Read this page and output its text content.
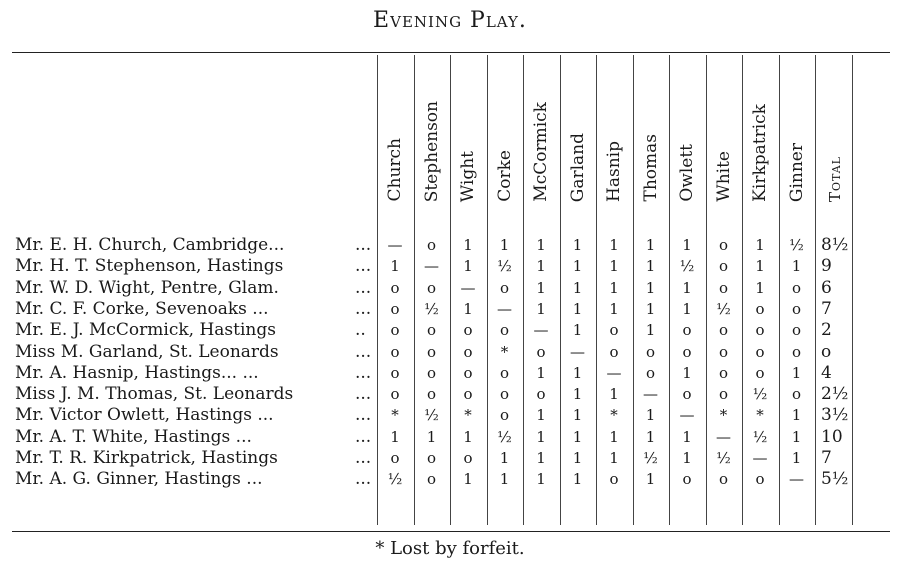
Evening Play.
Church Stephenson Wight Corke McCormick Garland Hasnip Thomas Owlett White Kirkpatrick Ginner Total
Mr. E. H. Church, Cambridge...	...	—	o	1	1	1	1	1	1	1	o	1	½	8½
Mr. H. T. Stephenson, Hastings	...	1	—	1	½	1	1	1	1	½	o	1	1	9
Mr. W. D. Wight, Pentre, Glam.	...	o	o	—	o	1	1	1	1	1	o	1	o	6
Mr. C. F. Corke, Sevenoaks ...	...	o	½	1	—	1	1	1	1	1	½	o	o	7
Mr. E. J. McCormick, Hastings	..	o	o	o	o	—	1	o	1	o	o	o	o	2
Miss M. Garland, St. Leonards	...	o	o	o	*	o	—	o	o	o	o	o	o	o
Mr. A. Hasnip, Hastings... ...	...	o	o	o	o	1	1	—	o	1	o	o	1	4
Miss J. M. Thomas, St. Leonards	...	o	o	o	o	o	1	1	—	o	o	½	o	2½
Mr. Victor Owlett, Hastings ...	...	*	½	*	o	1	1	*	1	—	*	*	1	3½
Mr. A. T. White, Hastings ...	...	1	1	1	½	1	1	1	1	1	—	½	1	10
Mr. T. R. Kirkpatrick, Hastings	...	o	o	o	1	1	1	1	½	1	½	—	1	7
Mr. A. G. Ginner, Hastings ...	...	½	o	1	1	1	1	o	1	o	o	o	—	5½
* Lost by forfeit.
